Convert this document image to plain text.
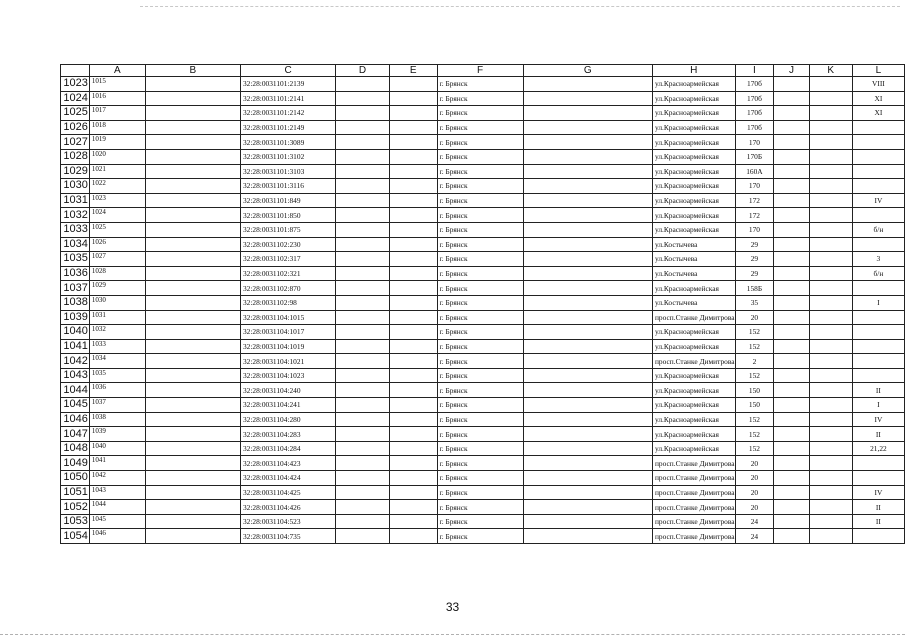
	A	B	C	D	E	F	G	H	I	J	K	L
1023	1015		32:28:0031101:2139			г. Брянск		ул.Красноармейская	170б			VIII
1024	1016		32:28:0031101:2141			г. Брянск		ул.Красноармейская	170б			XI
1025	1017		32:28:0031101:2142			г. Брянск		ул.Красноармейская	170б			XI
1026	1018		32:28:0031101:2149			г. Брянск		ул.Красноармейская	170б			
1027	1019		32:28:0031101:3089			г. Брянск		ул.Красноармейская	170			
1028	1020		32:28:0031101:3102			г. Брянск		ул.Красноармейская	170Б			
1029	1021		32:28:0031101:3103			г. Брянск		ул.Красноармейская	160А			
1030	1022		32:28:0031101:3116			г. Брянск		ул.Красноармейская	170			
1031	1023		32:28:0031101:849			г. Брянск		ул.Красноармейская	172			IV
1032	1024		32:28:0031101:850			г. Брянск		ул.Красноармейская	172			
1033	1025		32:28:0031101:875			г. Брянск		ул.Красноармейская	170			б/н
1034	1026		32:28:0031102:230			г. Брянск		ул.Костычева	29			
1035	1027		32:28:0031102:317			г. Брянск		ул.Костычева	29			3
1036	1028		32:28:0031102:321			г. Брянск		ул.Костычева	29			б/н
1037	1029		32:28:0031102:870			г. Брянск		ул.Красноармейская	158Б			
1038	1030		32:28:0031102:98			г. Брянск		ул.Костычева	35			I
1039	1031		32:28:0031104:1015			г. Брянск		просп.Станке Димитрова	20			
1040	1032		32:28:0031104:1017			г. Брянск		ул.Красноармейская	152			
1041	1033		32:28:0031104:1019			г. Брянск		ул.Красноармейская	152			
1042	1034		32:28:0031104:1021			г. Брянск		просп.Станке Димитрова	2			
1043	1035		32:28:0031104:1023			г. Брянск		ул.Красноармейская	152			
1044	1036		32:28:0031104:240			г. Брянск		ул.Красноармейская	150			II
1045	1037		32:28:0031104:241			г. Брянск		ул.Красноармейская	150			I
1046	1038		32:28:0031104:280			г. Брянск		ул.Красноармейская	152			IV
1047	1039		32:28:0031104:283			г. Брянск		ул.Красноармейская	152			II
1048	1040		32:28:0031104:284			г. Брянск		ул.Красноармейская	152			21,22
1049	1041		32:28:0031104:423			г. Брянск		просп.Станке Димитрова	20			
1050	1042		32:28:0031104:424			г. Брянск		просп.Станке Димитрова	20			
1051	1043		32:28:0031104:425			г. Брянск		просп.Станке Димитрова	20			IV
1052	1044		32:28:0031104:426			г. Брянск		просп.Станке Димитрова	20			II
1053	1045		32:28:0031104:523			г. Брянск		просп.Станке Димитрова	24			II
1054	1046		32:28:0031104:735			г. Брянск		просп.Станке Димитрова	24			
33
